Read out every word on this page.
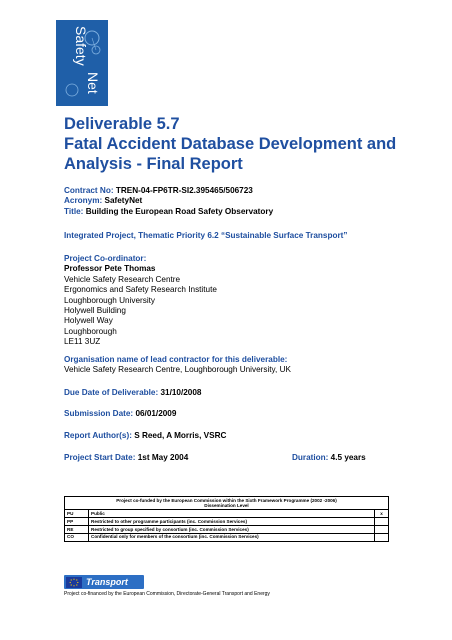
Safety
Net
Deliverable 5.7
Fatal Accident Database Development and
Analysis - Final Report
Contract No: TREN-04-FP6TR-SI2.395465/506723
Acronym: SafetyNet
Title: Building the European Road Safety Observatory
Integrated Project, Thematic Priority 6.2 “Sustainable Surface Transport”
Project Co-ordinator:
Professor Pete Thomas
Vehicle Safety Research Centre
Ergonomics and Safety Research Institute
Loughborough University
Holywell Building
Holywell Way
Loughborough
LE11 3UZ
Organisation name of lead contractor for this deliverable:
Vehicle Safety Research Centre, Loughborough University, UK
Due Date of Deliverable: 31/10/2008
Submission Date: 06/01/2009
Report Author(s): S Reed, A Morris, VSRC
Project Start Date: 1st May 2004	Duration: 4.5 years
Project co-funded by the European Commission within the Sixth Framework Programme (2002 -2006)
Dissemination Level		

PU	Public	x
PP	Restricted to other programme participants (inc. Commission Services)	
RE	Restricted to group specified by consortium (inc. Commission Services)	
CO	Confidential only for members of the consortium (inc. Commission Services)	
Transport
Project co-financed by the European Commission, Directorate-General Transport and Energy
